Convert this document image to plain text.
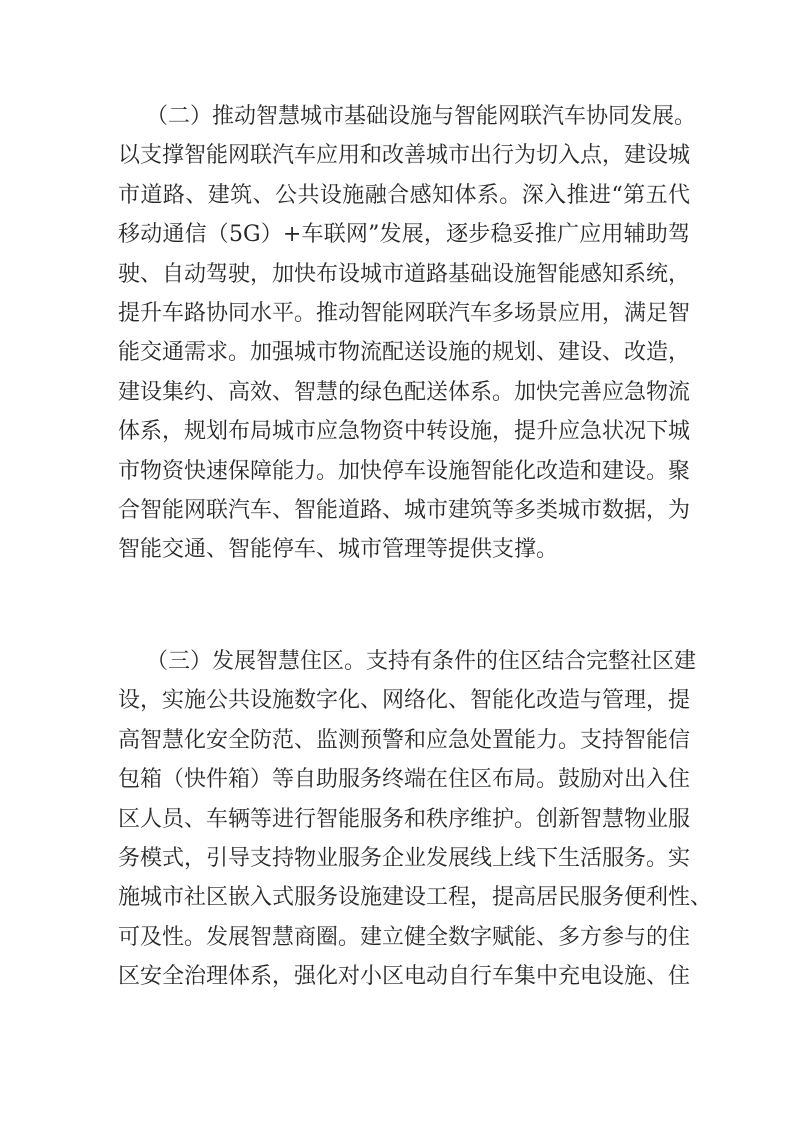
（二）推动智慧城市基础设施与智能网联汽车协同发展。
以支撑智能网联汽车应用和改善城市出行为切入点，建设城
市道路、建筑、公共设施融合感知体系。深入推进“第五代
移动通信（5G）+车联网”发展，逐步稳妥推广应用辅助驾
驶、自动驾驶，加快布设城市道路基础设施智能感知系统，
提升车路协同水平。推动智能网联汽车多场景应用，满足智
能交通需求。加强城市物流配送设施的规划、建设、改造，
建设集约、高效、智慧的绿色配送体系。加快完善应急物流
体系，规划布局城市应急物资中转设施，提升应急状况下城
市物资快速保障能力。加快停车设施智能化改造和建设。聚
合智能网联汽车、智能道路、城市建筑等多类城市数据，为
智能交通、智能停车、城市管理等提供支撑。
（三）发展智慧住区。支持有条件的住区结合完整社区建
设，实施公共设施数字化、网络化、智能化改造与管理，提
高智慧化安全防范、监测预警和应急处置能力。支持智能信
包箱（快件箱）等自助服务终端在住区布局。鼓励对出入住
区人员、车辆等进行智能服务和秩序维护。创新智慧物业服
务模式，引导支持物业服务企业发展线上线下生活服务。实
施城市社区嵌入式服务设施建设工程，提高居民服务便利性、
可及性。发展智慧商圈。建立健全数字赋能、多方参与的住
区安全治理体系，强化对小区电动自行车集中充电设施、住
